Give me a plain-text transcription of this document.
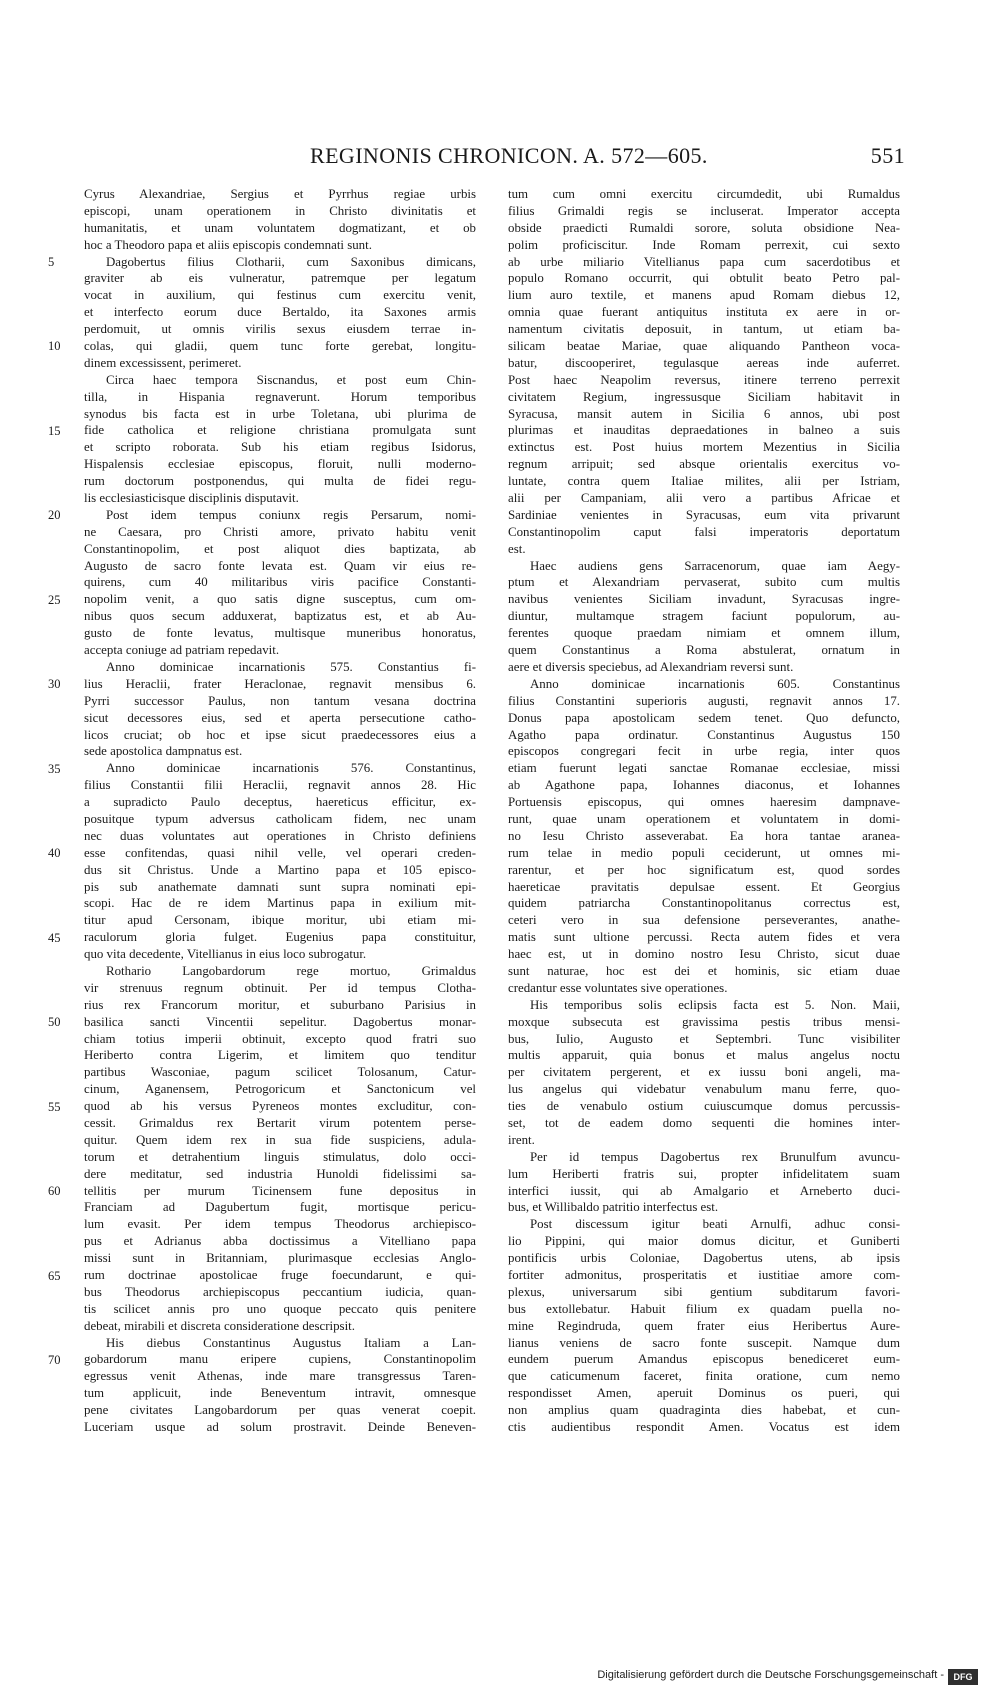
REGINONIS CHRONICON. A. 572—605.	551
Cyrus Alexandriae, Sergius et Pyrrhus regiae urbis
episcopi, unam operationem in Christo divinitatis et
humanitatis, et unam voluntatem dogmatizant, et ob
hoc a Theodoro papa et aliis episcopis condemnati sunt.
Dagobertus filius Clotharii, cum Saxonibus dimicans,
graviter ab eis vulneratur, patremque per legatum
vocat in auxilium, qui festinus cum exercitu venit,
et interfecto eorum duce Bertaldo, ita Saxones armis
perdomuit, ut omnis virilis sexus eiusdem terrae in-
colas, qui gladii, quem tunc forte gerebat, longitu-
dinem excessissent, perimeret.
Circa haec tempora Siscnandus, et post eum Chin-
tilla, in Hispania regnaverunt. Horum temporibus
synodus bis facta est in urbe Toletana, ubi plurima de
fide catholica et religione christiana promulgata sunt
et scripto roborata. Sub his etiam regibus Isidorus,
Hispalensis ecclesiae episcopus, floruit, nulli moderno-
rum doctorum postponendus, qui multa de fidei regu-
lis ecclesiasticisque disciplinis disputavit.
Post idem tempus coniunx regis Persarum, nomi-
ne Caesara, pro Christi amore, privato habitu venit
Constantinopolim, et post aliquot dies baptizata, ab
Augusto de sacro fonte levata est. Quam vir eius re-
quirens, cum 40 militaribus viris pacifice Constanti-
nopolim venit, a quo satis digne susceptus, cum om-
nibus quos secum adduxerat, baptizatus est, et ab Au-
gusto de fonte levatus, multisque muneribus honoratus,
accepta coniuge ad patriam repedavit.
Anno dominicae incarnationis 575. Constantius fi-
lius Heraclii, frater Heraclonae, regnavit mensibus 6.
Pyrri successor Paulus, non tantum vesana doctrina
sicut decessores eius, sed et aperta persecutione catho-
licos cruciat; ob hoc et ipse sicut praedecessores eius a
sede apostolica dampnatus est.
Anno dominicae incarnationis 576. Constantinus,
filius Constantii filii Heraclii, regnavit annos 28. Hic
a supradicto Paulo deceptus, haereticus efficitur, ex-
posuitque typum adversus catholicam fidem, nec unam
nec duas voluntates aut operationes in Christo definiens
esse confitendas, quasi nihil velle, vel operari creden-
dus sit Christus. Unde a Martino papa et 105 episco-
pis sub anathemate damnati sunt supra nominati epi-
scopi. Hac de re idem Martinus papa in exilium mit-
titur apud Cersonam, ibique moritur, ubi etiam mi-
raculorum gloria fulget. Eugenius papa constituitur,
quo vita decedente, Vitellianus in eius loco subrogatur.
Rothario Langobardorum rege mortuo, Grimaldus
vir strenuus regnum obtinuit. Per id tempus Clotha-
rius rex Francorum moritur, et suburbano Parisius in
basilica sancti Vincentii sepelitur. Dagobertus monar-
chiam totius imperii obtinuit, excepto quod fratri suo
Heriberto contra Ligerim, et limitem quo tenditur
partibus Wasconiae, pagum scilicet Tolosanum, Catur-
cinum, Aganensem, Petrogoricum et Sanctonicum vel
quod ab his versus Pyreneos montes excluditur, con-
cessit. Grimaldus rex Bertarit virum potentem perse-
quitur. Quem idem rex in sua fide suspiciens, adula-
torum et detrahentium linguis stimulatus, dolo occi-
dere meditatur, sed industria Hunoldi fidelissimi sa-
tellitis per murum Ticinensem fune depositus in
Franciam ad Dagubertum fugit, mortisque pericu-
lum evasit. Per idem tempus Theodorus archiepisco-
pus et Adrianus abba doctissimus a Vitelliano papa
missi sunt in Britanniam, plurimasque ecclesias Anglo-
rum doctrinae apostolicae fruge foecundarunt, e qui-
bus Theodorus archiepiscopus peccantium iudicia, quan-
tis scilicet annis pro uno quoque peccato quis penitere
debeat, mirabili et discreta consideratione descripsit.
His diebus Constantinus Augustus Italiam a Lan-
gobardorum manu eripere cupiens, Constantinopolim
egressus venit Athenas, inde mare transgressus Taren-
tum applicuit, inde Beneventum intravit, omnesque
pene civitates Langobardorum per quas venerat coepit.
Luceriam usque ad solum prostravit. Deinde Beneven-
5
10
15
20
25
30
35
40
45
50
55
60
65
70
tum cum omni exercitu circumdedit, ubi Rumaldus
filius Grimaldi regis se incluserat. Imperator accepta
obside praedicti Rumaldi sorore, soluta obsidione Nea-
polim proficiscitur. Inde Romam perrexit, cui sexto
ab urbe miliario Vitellianus papa cum sacerdotibus et
populo Romano occurrit, qui obtulit beato Petro pal-
lium auro textile, et manens apud Romam diebus 12,
omnia quae fuerant antiquitus instituta ex aere in or-
namentum civitatis deposuit, in tantum, ut etiam ba-
silicam beatae Mariae, quae aliquando Pantheon voca-
batur, discooperiret, tegulasque aereas inde auferret.
Post haec Neapolim reversus, itinere terreno perrexit
civitatem Regium, ingressusque Siciliam habitavit in
Syracusa, mansit autem in Sicilia 6 annos, ubi post
plurimas et inauditas depraedationes in balneo a suis
extinctus est. Post huius mortem Mezentius in Sicilia
regnum arripuit; sed absque orientalis exercitus vo-
luntate, contra quem Italiae milites, alii per Istriam,
alii per Campaniam, alii vero a partibus Africae et
Sardiniae venientes in Syracusas, eum vita privarunt
Constantinopolim caput falsi imperatoris deportatum
est.
Haec audiens gens Sarracenorum, quae iam Aegy-
ptum et Alexandriam pervaserat, subito cum multis
navibus venientes Siciliam invadunt, Syracusas ingre-
diuntur, multamque stragem faciunt populorum, au-
ferentes quoque praedam nimiam et omnem illum,
quem Constantinus a Roma abstulerat, ornatum in
aere et diversis speciebus, ad Alexandriam reversi sunt.
Anno dominicae incarnationis 605. Constantinus
filius Constantini superioris augusti, regnavit annos 17.
Donus papa apostolicam sedem tenet. Quo defuncto,
Agatho papa ordinatur. Constantinus Augustus 150
episcopos congregari fecit in urbe regia, inter quos
etiam fuerunt legati sanctae Romanae ecclesiae, missi
ab Agathone papa, Iohannes diaconus, et Iohannes
Portuensis episcopus, qui omnes haeresim dampnave-
runt, quae unam operationem et voluntatem in domi-
no Iesu Christo asseverabat. Ea hora tantae aranea-
rum telae in medio populi ceciderunt, ut omnes mi-
rarentur, et per hoc significatum est, quod sordes
haereticae pravitatis depulsae essent. Et Georgius
quidem patriarcha Constantinopolitanus correctus est,
ceteri vero in sua defensione perseverantes, anathe-
matis sunt ultione percussi. Recta autem fides et vera
haec est, ut in domino nostro Iesu Christo, sicut duae
sunt naturae, hoc est dei et hominis, sic etiam duae
credantur esse voluntates sive operationes.
His temporibus solis eclipsis facta est 5. Non. Maii,
moxque subsecuta est gravissima pestis tribus mensi-
bus, Iulio, Augusto et Septembri. Tunc visibiliter
multis apparuit, quia bonus et malus angelus noctu
per civitatem pergerent, et ex iussu boni angeli, ma-
lus angelus qui videbatur venabulum manu ferre, quo-
ties de venabulo ostium cuiuscumque domus percussis-
set, tot de eadem domo sequenti die homines inter-
irent.
Per id tempus Dagobertus rex Brunulfum avuncu-
lum Heriberti fratris sui, propter infidelitatem suam
interfici iussit, qui ab Amalgario et Arneberto duci-
bus, et Willibaldo patritio interfectus est.
Post discessum igitur beati Arnulfi, adhuc consi-
lio Pippini, qui maior domus dicitur, et Guniberti
pontificis urbis Coloniae, Dagobertus utens, ab ipsis
fortiter admonitus, prosperitatis et iustitiae amore com-
plexus, universarum sibi gentium subditarum favori-
bus extollebatur. Habuit filium ex quadam puella no-
mine Regindruda, quem frater eius Heribertus Aure-
lianus veniens de sacro fonte suscepit. Namque dum
eundem puerum Amandus episcopus benediceret eum-
que caticumenum faceret, finita oratione, cum nemo
respondisset Amen, aperuit Dominus os pueri, qui
non amplius quam quadraginta dies habebat, et cun-
ctis audientibus respondit Amen. Vocatus est idem
Digitalisierung gefördert durch die Deutsche Forschungsgemeinschaft -	DFG
